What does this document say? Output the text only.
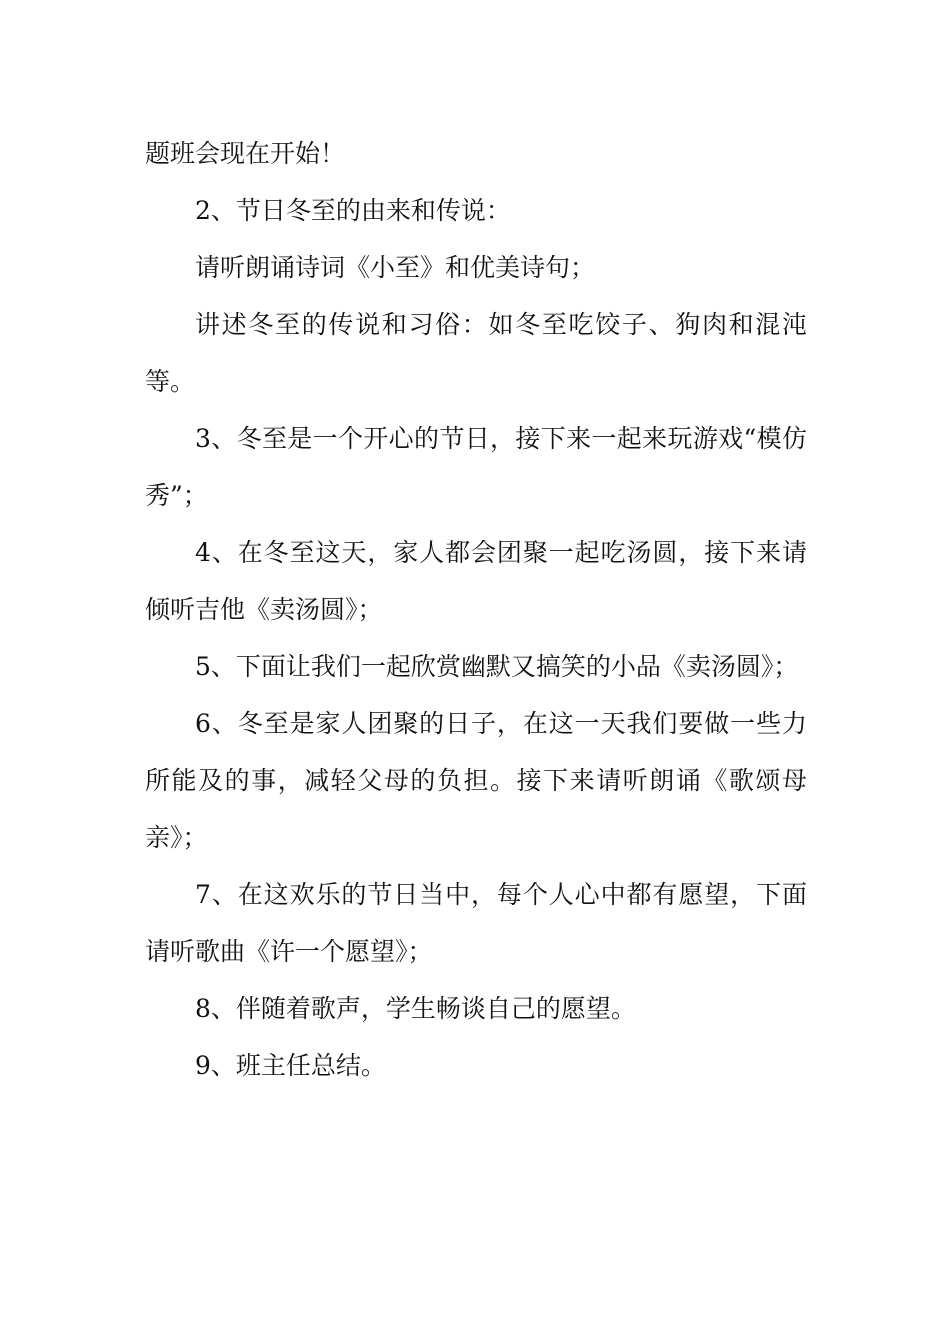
题班会现在开始！

2、节日冬至的由来和传说：

请听朗诵诗词《小至》和优美诗句；

讲述冬至的传说和习俗：如冬至吃饺子、狗肉和混沌等。

3、冬至是一个开心的节日，接下来一起来玩游戏“模仿秀”；

4、在冬至这天，家人都会团聚一起吃汤圆，接下来请倾听吉他《卖汤圆》；

5、下面让我们一起欣赏幽默又搞笑的小品《卖汤圆》；

6、冬至是家人团聚的日子，在这一天我们要做一些力所能及的事，减轻父母的负担。接下来请听朗诵《歌颂母亲》；

7、在这欢乐的节日当中，每个人心中都有愿望，下面请听歌曲《许一个愿望》；

8、伴随着歌声，学生畅谈自己的愿望。

9、班主任总结。
